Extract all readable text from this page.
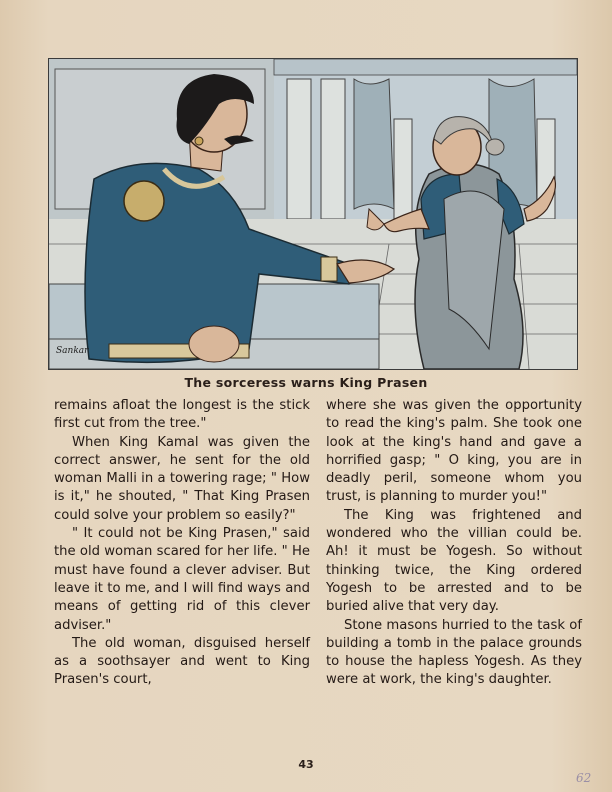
Sankar
The sorceress warns King Prasen

remains afloat the longest is the stick first cut from the tree."

When King Kamal was given the correct answer, he sent for the old woman Malli in a towering rage; " How is it," he shouted, " That King Prasen could solve your problem so easily?"

" It could not be King Prasen," said the old woman scared for her life. " He must have found a clever adviser. But leave it to me, and I will find ways and means of getting rid of this clever adviser."

The old woman, disguised herself as a soothsayer and went to King Prasen's court,

where she was given the opportunity to read the king's palm. She took one look at the king's hand and gave a horrified gasp; " O king, you are in deadly peril, someone whom you trust, is planning to murder you!"

The King was frightened and wondered who the villian could be. Ah! it must be Yogesh. So without thinking twice, the King ordered Yogesh to be arrested and to be buried alive that very day.

Stone masons hurried to the task of building a tomb in the palace grounds to house the hapless Yogesh. As they were at work, the king's daughter.

43
62
